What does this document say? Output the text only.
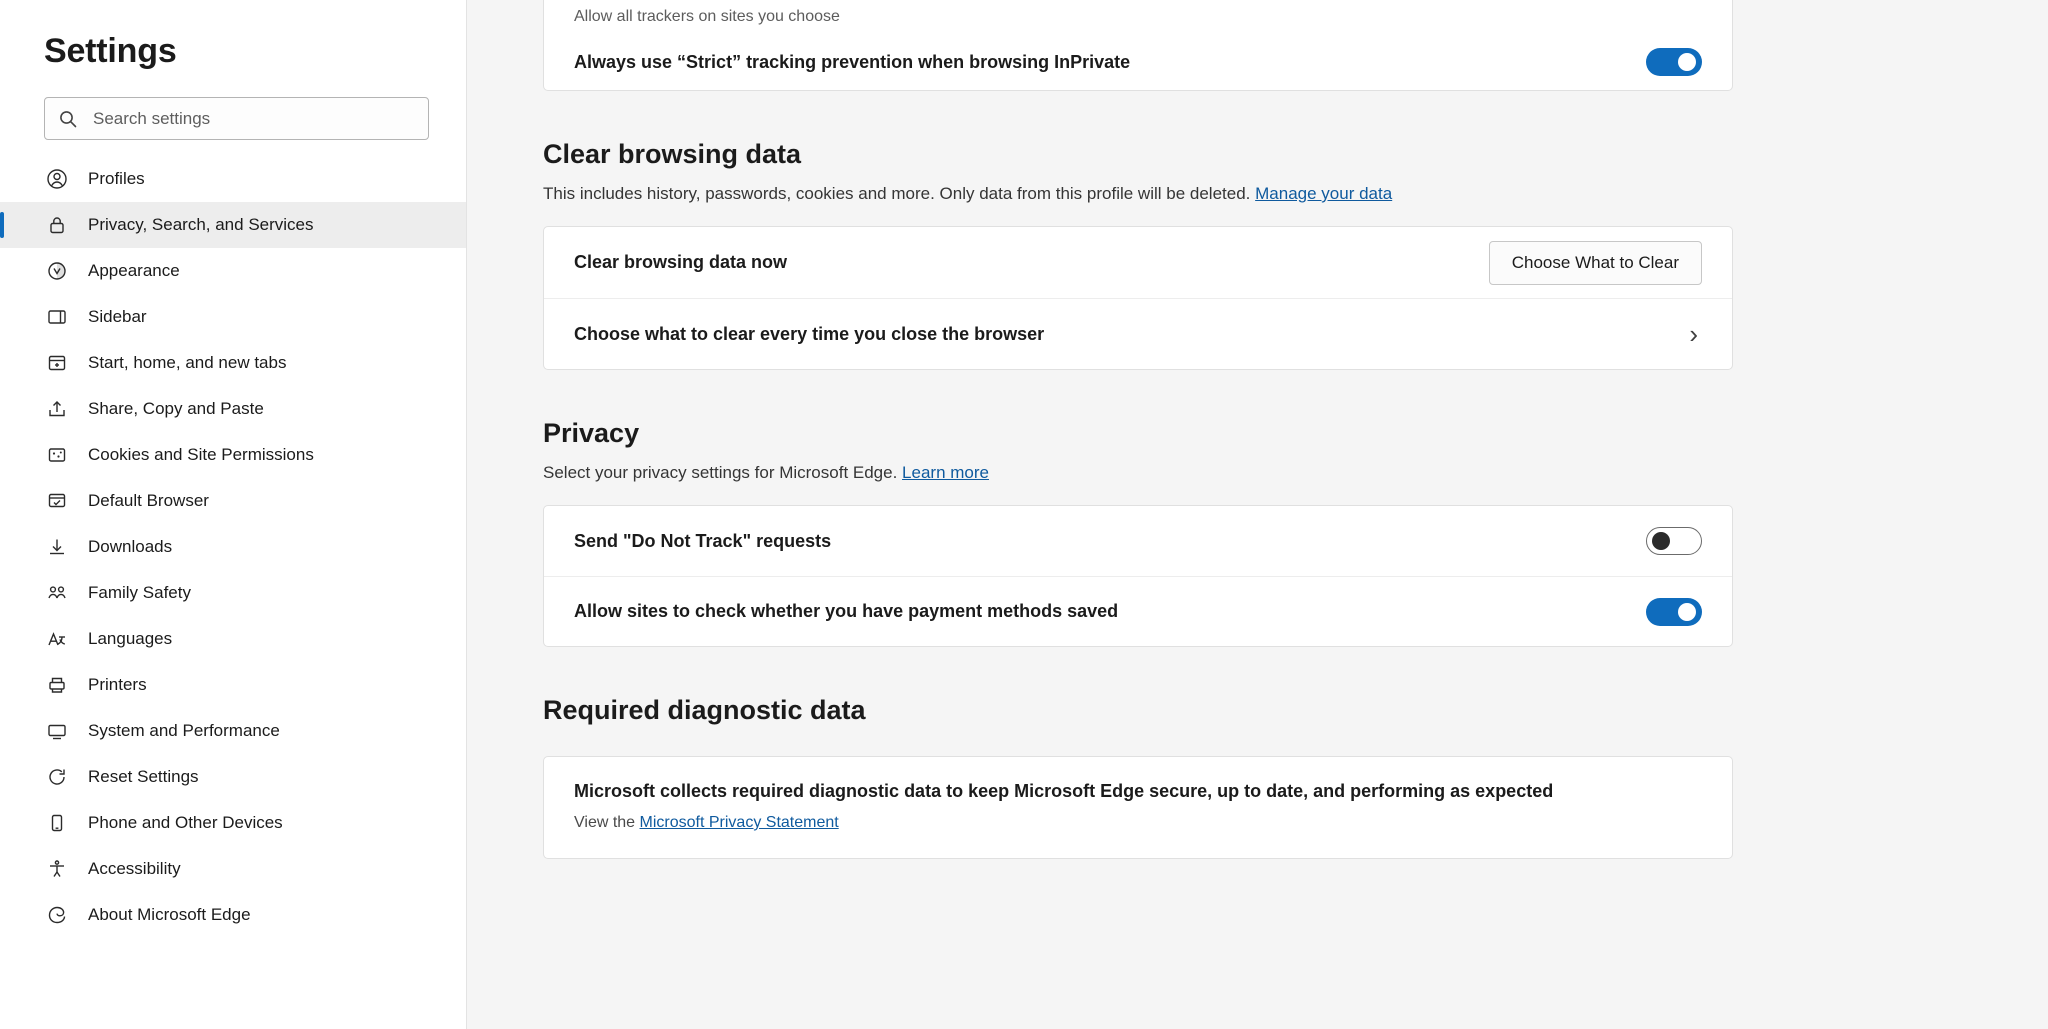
Settings
Search settings
Profiles
Privacy, Search, and Services
Appearance
Sidebar
Start, home, and new tabs
Share, Copy and Paste
Cookies and Site Permissions
Default Browser
Downloads
Family Safety
Languages
Printers
System and Performance
Reset Settings
Phone and Other Devices
Accessibility
About Microsoft Edge
Allow all trackers on sites you choose
Always use “Strict” tracking prevention when browsing InPrivate
Clear browsing data
This includes history, passwords, cookies and more. Only data from this profile will be deleted. Manage your data
Clear browsing data now	Choose What to Clear
Choose what to clear every time you close the browser	›
Privacy
Select your privacy settings for Microsoft Edge. Learn more
Send "Do Not Track" requests
Allow sites to check whether you have payment methods saved
Required diagnostic data
Microsoft collects required diagnostic data to keep Microsoft Edge secure, up to date, and performing as expected
View the Microsoft Privacy Statement
